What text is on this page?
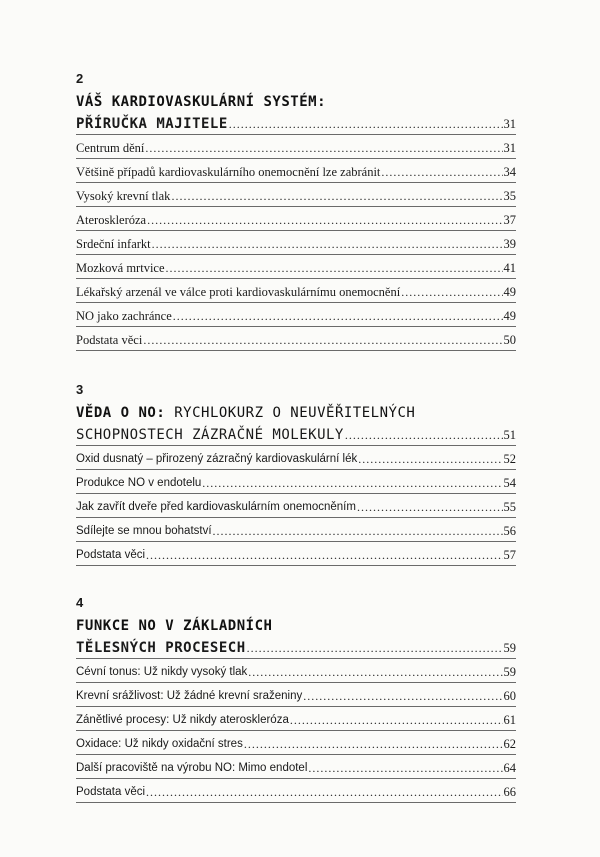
2
VÁŠ KARDIOVASKULÁRNÍ SYSTÉM:
PŘÍRUČKA MAJITELE .....	31
Centrum dění .....	31
Většině případů kardiovaskulárního onemocnění lze zabránit .....	34
Vysoký krevní tlak .....	35
Ateroskleróza .....	37
Srdeční infarkt .....	39
Mozková mrtvice .....	41
Lékařský arzenál ve válce proti kardiovaskulárnímu onemocnění .....	49
NO jako zachránce .....	49
Podstata věci .....	50
3
VĚDA O NO: RYCHLOKURZ O NEUVĚŘITELNÝCH
SCHOPNOSTECH ZÁZRAČNÉ MOLEKULY .....	51
Oxid dusnatý – přirozený zázračný kardiovaskulární lék .....	52
Produkce NO v endotelu .....	54
Jak zavřít dveře před kardiovaskulárním onemocněním .....	55
Sdílejte se mnou bohatství .....	56
Podstata věci .....	57
4
FUNKCE NO V ZÁKLADNÍCH
TĚLESNÝCH PROCESECH .....	59
Cévní tonus: Už nikdy vysoký tlak .....	59
Krevní srážlivost: Už žádné krevní sraženiny .....	60
Zánětlivé procesy: Už nikdy ateroskleróza .....	61
Oxidace: Už nikdy oxidační stres .....	62
Další pracoviště na výrobu NO: Mimo endotel .....	64
Podstata věci .....	66
